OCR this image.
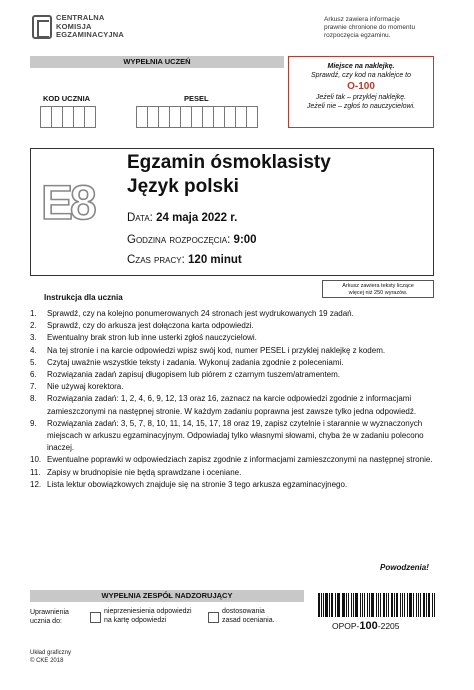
CENTRALNA
KOMISJA
EGZAMINACYJNA
Arkusz zawiera informacje
prawnie chronione do momentu
rozpoczęcia egzaminu.
WYPEŁNIA UCZEŃ
KOD UCZNIA	PESEL
Miejsce na naklejkę.
Sprawdź, czy kod na naklejce to
O-100
Jeżeli tak – przyklej naklejkę.
Jeżeli nie – zgłoś to nauczycielowi.
E8
Egzamin ósmoklasisty
Język polski
Data: 24 maja 2022 r.
Godzina rozpoczęcia: 9:00
Czas pracy: 120 minut
Arkusz zawiera teksty liczące
więcej niż 250 wyrazów.
Instrukcja dla ucznia
1.	Sprawdź, czy na kolejno ponumerowanych 24 stronach jest wydrukowanych 19 zadań.
2.	Sprawdź, czy do arkusza jest dołączona karta odpowiedzi.
3.	Ewentualny brak stron lub inne usterki zgłoś nauczycielowi.
4.	Na tej stronie i na karcie odpowiedzi wpisz swój kod, numer PESEL i przyklej naklejkę z kodem.
5.	Czytaj uważnie wszystkie teksty i zadania. Wykonuj zadania zgodnie z poleceniami.
6.	Rozwiązania zadań zapisuj długopisem lub piórem z czarnym tuszem/atramentem.
7.	Nie używaj korektora.
8.	Rozwiązania zadań: 1, 2, 4, 6, 9, 12, 13 oraz 16, zaznacz na karcie odpowiedzi zgodnie z informacjami zamieszczonymi na następnej stronie. W każdym zadaniu poprawna jest zawsze tylko jedna odpowiedź.
9.	Rozwiązania zadań: 3, 5, 7, 8, 10, 11, 14, 15, 17, 18 oraz 19, zapisz czytelnie i starannie w wyznaczonych miejscach w arkuszu egzaminacyjnym. Odpowiadaj tylko własnymi słowami, chyba że w zadaniu polecono inaczej.
10. Ewentualne poprawki w odpowiedziach zapisz zgodnie z informacjami zamieszczonymi na następnej stronie.
11. Zapisy w brudnopisie nie będą sprawdzane i oceniane.
12. Lista lektur obowiązkowych znajduje się na stronie 3 tego arkusza egzaminacyjnego.
Powodzenia!
WYPEŁNIA ZESPÓŁ NADZORUJĄCY
Uprawnienia
ucznia do:
nieprzeniesienia odpowiedzi
na kartę odpowiedzi
dostosowania
zasad oceniania.
OPOP-100-2205
Układ graficzny
© CKE 2018
